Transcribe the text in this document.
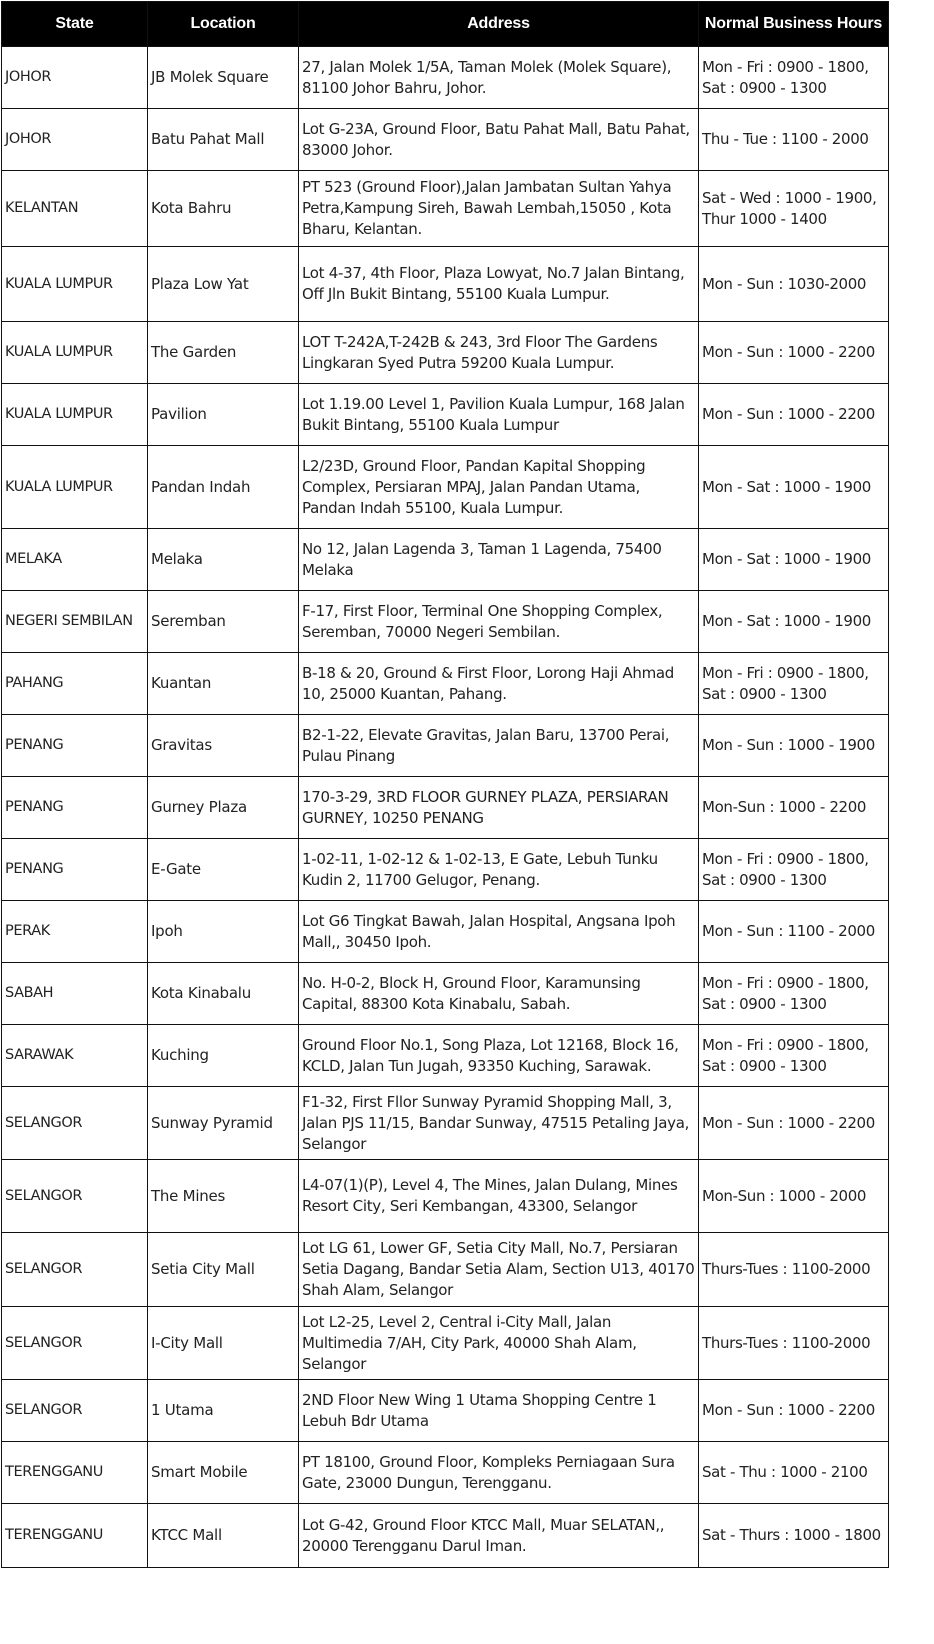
State	Location	Address	Normal Business Hours
JOHOR	JB Molek Square	27, Jalan Molek 1/5A, Taman Molek (Molek Square), 81100 Johor Bahru, Johor.	Mon - Fri : 0900 - 1800, Sat : 0900 - 1300
JOHOR	Batu Pahat Mall	Lot G-23A, Ground Floor, Batu Pahat Mall, Batu Pahat, 83000 Johor.	Thu - Tue : 1100 - 2000
KELANTAN	Kota Bahru	PT 523 (Ground Floor),Jalan Jambatan Sultan Yahya Petra,Kampung Sireh, Bawah Lembah,15050 , Kota Bharu, Kelantan.	Sat - Wed : 1000 - 1900, Thur 1000 - 1400
KUALA LUMPUR	Plaza Low Yat	Lot 4-37, 4th Floor, Plaza Lowyat, No.7 Jalan Bintang, Off Jln Bukit Bintang, 55100 Kuala Lumpur.	Mon - Sun : 1030-2000
KUALA LUMPUR	The Garden	LOT T-242A,T-242B & 243, 3rd Floor The Gardens Lingkaran Syed Putra 59200 Kuala Lumpur.	Mon - Sun : 1000 - 2200
KUALA LUMPUR	Pavilion	Lot 1.19.00 Level 1, Pavilion Kuala Lumpur, 168 Jalan Bukit Bintang, 55100 Kuala Lumpur	Mon - Sun : 1000 - 2200
KUALA LUMPUR	Pandan Indah	L2/23D, Ground Floor, Pandan Kapital Shopping Complex, Persiaran MPAJ, Jalan Pandan Utama, Pandan Indah 55100, Kuala Lumpur.	Mon - Sat : 1000 - 1900
MELAKA	Melaka	No 12, Jalan Lagenda 3, Taman 1 Lagenda, 75400 Melaka	Mon - Sat : 1000 - 1900
NEGERI SEMBILAN	Seremban	F-17, First Floor, Terminal One Shopping Complex, Seremban, 70000 Negeri Sembilan.	Mon - Sat : 1000 - 1900
PAHANG	Kuantan	B-18 & 20, Ground & First Floor, Lorong Haji Ahmad 10, 25000 Kuantan, Pahang.	Mon - Fri : 0900 - 1800, Sat : 0900 - 1300
PENANG	Gravitas	B2-1-22, Elevate Gravitas, Jalan Baru, 13700 Perai, Pulau Pinang	Mon - Sun : 1000 - 1900
PENANG	Gurney Plaza	170-3-29, 3RD FLOOR GURNEY PLAZA, PERSIARAN GURNEY, 10250 PENANG	Mon-Sun : 1000 - 2200
PENANG	E-Gate	1-02-11, 1-02-12 & 1-02-13, E Gate, Lebuh Tunku Kudin 2, 11700 Gelugor, Penang.	Mon - Fri : 0900 - 1800, Sat : 0900 - 1300
PERAK	Ipoh	Lot G6 Tingkat Bawah, Jalan Hospital, Angsana Ipoh Mall,, 30450 Ipoh.	Mon - Sun : 1100 - 2000
SABAH	Kota Kinabalu	No. H-0-2, Block H, Ground Floor, Karamunsing Capital, 88300 Kota Kinabalu, Sabah.	Mon - Fri : 0900 - 1800, Sat : 0900 - 1300
SARAWAK	Kuching	Ground Floor No.1, Song Plaza, Lot 12168, Block 16, KCLD, Jalan Tun Jugah, 93350 Kuching, Sarawak.	Mon - Fri : 0900 - 1800, Sat : 0900 - 1300
SELANGOR	Sunway Pyramid	F1-32, First Fllor Sunway Pyramid Shopping Mall, 3, Jalan PJS 11/15, Bandar Sunway, 47515 Petaling Jaya, Selangor	Mon - Sun : 1000 - 2200
SELANGOR	The Mines	L4-07(1)(P), Level 4, The Mines, Jalan Dulang, Mines Resort City, Seri Kembangan, 43300, Selangor	Mon-Sun : 1000 - 2000
SELANGOR	Setia City Mall	Lot LG 61, Lower GF, Setia City Mall, No.7, Persiaran Setia Dagang, Bandar Setia Alam, Section U13, 40170 Shah Alam, Selangor	Thurs-Tues : 1100-2000
SELANGOR	I-City Mall	Lot L2-25, Level 2, Central i-City Mall, Jalan Multimedia 7/AH, City Park, 40000 Shah Alam, Selangor	Thurs-Tues : 1100-2000
SELANGOR	1 Utama	2ND Floor New Wing 1 Utama Shopping Centre 1 Lebuh Bdr Utama	Mon - Sun : 1000 - 2200
TERENGGANU	Smart Mobile	PT 18100, Ground Floor, Kompleks Perniagaan Sura Gate, 23000 Dungun, Terengganu.	Sat - Thu : 1000 - 2100
TERENGGANU	KTCC Mall	Lot G-42, Ground Floor KTCC Mall, Muar SELATAN,, 20000 Terengganu Darul Iman.	Sat - Thurs : 1000 - 1800
